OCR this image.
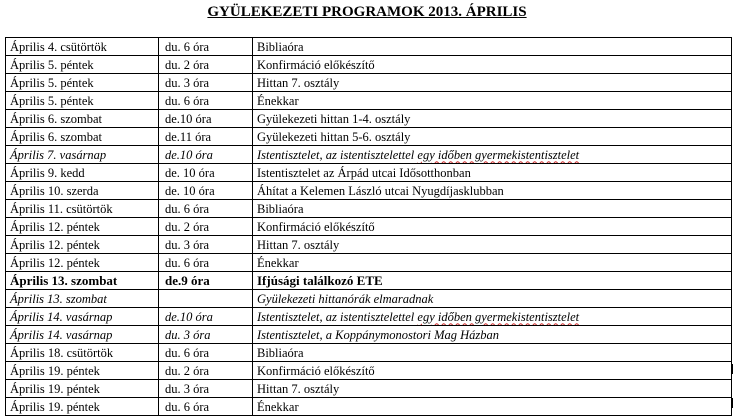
GYÜLEKEZETI PROGRAMOK 2013. ÁPRILIS
Április 4. csütörtök	du. 6 óra	Bibliaóra
Április 5. péntek	du. 2 óra	Konfirmáció előkészítő
Április 5. péntek	du. 3 óra	Hittan 7. osztály
Április 5. péntek	du. 6 óra	Énekkar
Április 6. szombat	de.10 óra	Gyülekezeti hittan 1-4. osztály
Április 6. szombat	de.11 óra	Gyülekezeti hittan 5-6. osztály
Április 7. vasárnap	de.10 óra	Istentisztelet, az istentisztelettel egy időben gyermekistentisztelet
Április 9. kedd	de. 10 óra	Istentisztelet az Árpád utcai Idősotthonban
Április 10. szerda	de. 10 óra	Áhítat a Kelemen László utcai Nyugdíjasklubban
Április 11. csütörtök	du. 6 óra	Bibliaóra
Április 12. péntek	du. 2 óra	Konfirmáció előkészítő
Április 12. péntek	du. 3 óra	Hittan 7. osztály
Április 12. péntek	du. 6 óra	Énekkar
Április 13. szombat	de.9 óra	Ifjúsági találkozó ETE
Április 13. szombat		Gyülekezeti hittanórák elmaradnak
Április 14. vasárnap	de.10 óra	Istentisztelet, az istentisztelettel egy időben gyermekistentisztelet
Április 14. vasárnap	du. 3 óra	Istentisztelet, a Koppánymonostori Mag Házban
Április 18. csütörtök	du. 6 óra	Bibliaóra
Április 19. péntek	du. 2 óra	Konfirmáció előkészítő
Április 19. péntek	du. 3 óra	Hittan 7. osztály
Április 19. péntek	du. 6 óra	Énekkar
